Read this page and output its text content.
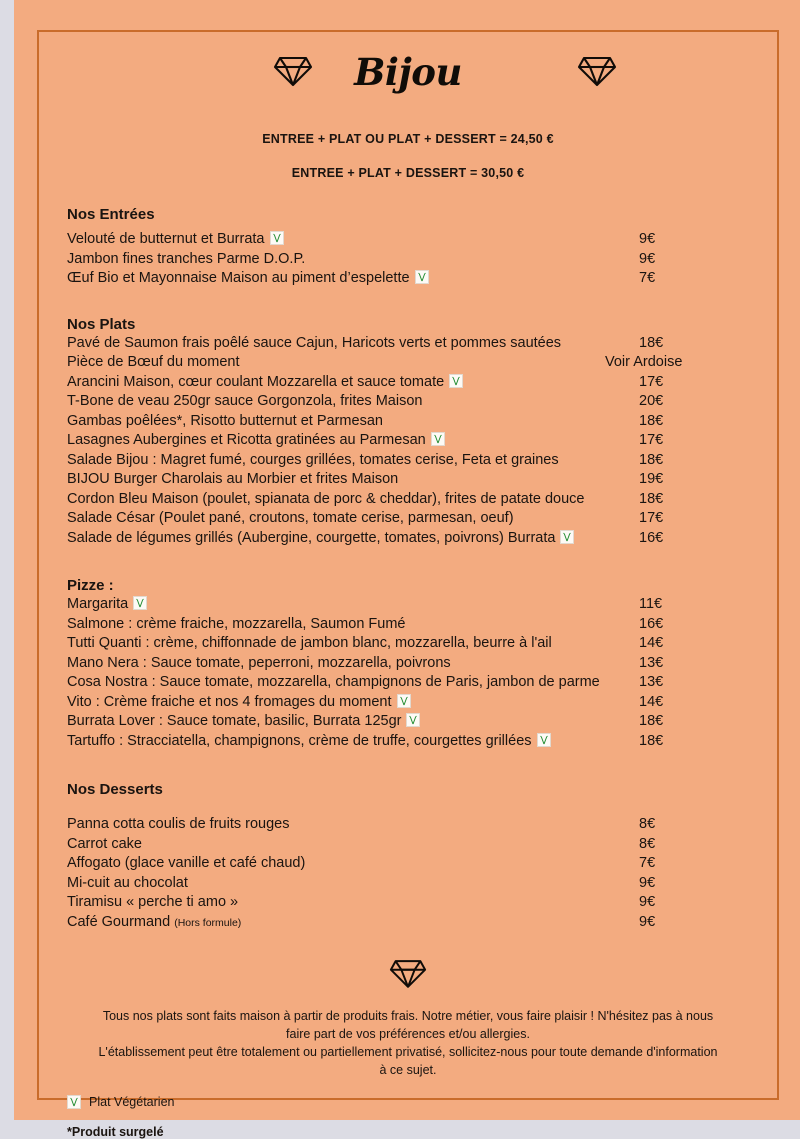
Bijou
ENTREE + PLAT OU PLAT + DESSERT = 24,50 €
ENTREE + PLAT + DESSERT = 30,50 €
Nos Entrées
Velouté de butternut et Burrata	9€
Jambon fines tranches Parme D.O.P.	9€
Œuf Bio et Mayonnaise Maison au piment d’espelette	7€
Nos Plats
Pavé de Saumon frais poêlé sauce Cajun, Haricots verts et pommes sautées	18€
Pièce de Bœuf du moment	Voir Ardoise
Arancini Maison, cœur coulant Mozzarella et sauce tomate	17€
T-Bone de veau 250gr sauce Gorgonzola, frites Maison	20€
Gambas poêlées*, Risotto butternut et Parmesan	18€
Lasagnes Aubergines et Ricotta gratinées au Parmesan	17€
Salade Bijou : Magret fumé, courges grillées, tomates cerise, Feta et graines	18€
BIJOU Burger Charolais au Morbier et frites Maison	19€
Cordon Bleu Maison (poulet, spianata de porc & cheddar), frites de patate douce	18€
Salade César (Poulet pané, croutons, tomate cerise, parmesan, oeuf)	17€
Salade de légumes grillés (Aubergine, courgette, tomates, poivrons) Burrata	16€
Pizze :
Margarita	11€
Salmone : crème fraiche, mozzarella, Saumon Fumé	16€
Tutti Quanti : crème, chiffonnade de jambon blanc, mozzarella, beurre à l'ail	14€
Mano Nera : Sauce tomate, peperroni, mozzarella, poivrons	13€
Cosa Nostra : Sauce tomate, mozzarella, champignons de Paris, jambon de parme	13€
Vito : Crème fraiche et nos 4 fromages du moment	14€
Burrata Lover : Sauce tomate, basilic, Burrata 125gr	18€
Tartuffo : Stracciatella, champignons, crème de truffe, courgettes grillées	18€
Nos Desserts
Panna cotta coulis de fruits rouges	8€
Carrot cake	8€
Affogato (glace vanille et café chaud)	7€
Mi-cuit au chocolat	9€
Tiramisu « perche ti amo »	9€
Café Gourmand (Hors formule)	9€
Tous nos plats sont faits maison à partir de produits frais. Notre métier, vous faire plaisir ! N'hésitez pas à nous faire part de vos préférences et/ou allergies.
L'établissement peut être totalement ou partiellement privatisé, sollicitez-nous pour toute demande d'information à ce sujet.
Plat Végétarien
*Produit surgelé
